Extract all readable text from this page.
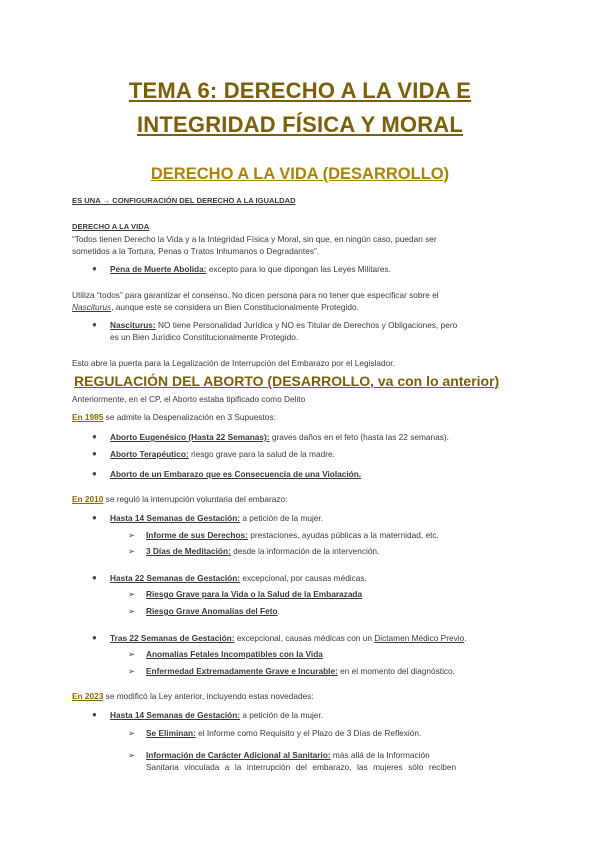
TEMA 6: DERECHO A LA VIDA E
INTEGRIDAD FÍSICA Y MORAL
DERECHO A LA VIDA (DESARROLLO)
ES UNA → CONFIGURACIÓN DEL DERECHO A LA IGUALDAD
DERECHO A LA VIDA
“Todos tienen Derecho la Vida y a la Integridad Física y Moral, sin que, en ningún caso, puedan ser
sometidos a la Tortura, Penas o Tratos Inhumanos o Degradantes”.
● Pena de Muerte Abolida: excepto para lo que dipongan las Leyes Militares.
Utiliza “todos” para garantizar el consenso. No dicen persona para no tener que especificar sobre el
Nasciturus, aunque este se considera un Bien Constitucionalmente Protegido.
● Nasciturus: NO tiene Personalidad Jurídica y NO es Titular de Derechos y Obligaciones, pero
es un Bien Jurídico Constitucionalmente Protegido.
Esto abre la puerta para la Legalización de Interrupción del Embarazo por el Legislador.
REGULACIÓN DEL ABORTO (DESARROLLO, va con lo anterior)
Anteriormente, en el CP, el Aborto estaba tipificado como Delito
En 1985 se admite la Despenalización en 3 Supuestos:
● Aborto Eugenésico (Hasta 22 Semanas): graves daños en el feto (hasta las 22 semanas).
● Aborto Terapéutico: riesgo grave para la salud de la madre.
● Aborto de un Embarazo que es Consecuencia de una Violación.
En 2010 se reguló la interrupción voluntaria del embarazo:
● Hasta 14 Semanas de Gestación: a petición de la mujer.
➢ Informe de sus Derechos: prestaciones, ayudas públicas a la maternidad, etc.
➢ 3 Días de Meditación: desde la información de la intervención.
● Hasta 22 Semanas de Gestación: excepcional, por causas médicas.
➢ Riesgo Grave para la Vida o la Salud de la Embarazada
➢ Riesgo Grave Anomalías del Feto.
● Tras 22 Semanas de Gestación: excepcional, causas médicas con un Dictamen Médico Previo.
➢ Anomalías Fetales Incompatibles con la Vida
➢ Enfermedad Extremadamente Grave e Incurable: en el momento del diagnóstico.
En 2023 se modificó la Ley anterior, incluyendo estas novedades:
● Hasta 14 Semanas de Gestación: a petición de la mujer.
➢ Se Eliminan: el Informe como Requisito y el Plazo de 3 Días de Reflexión.
➢ Información de Carácter Adicional al Sanitario: más allá de la Información
Sanitaria vinculada a la interrupción del embarazo, las mujeres sólo reciben
